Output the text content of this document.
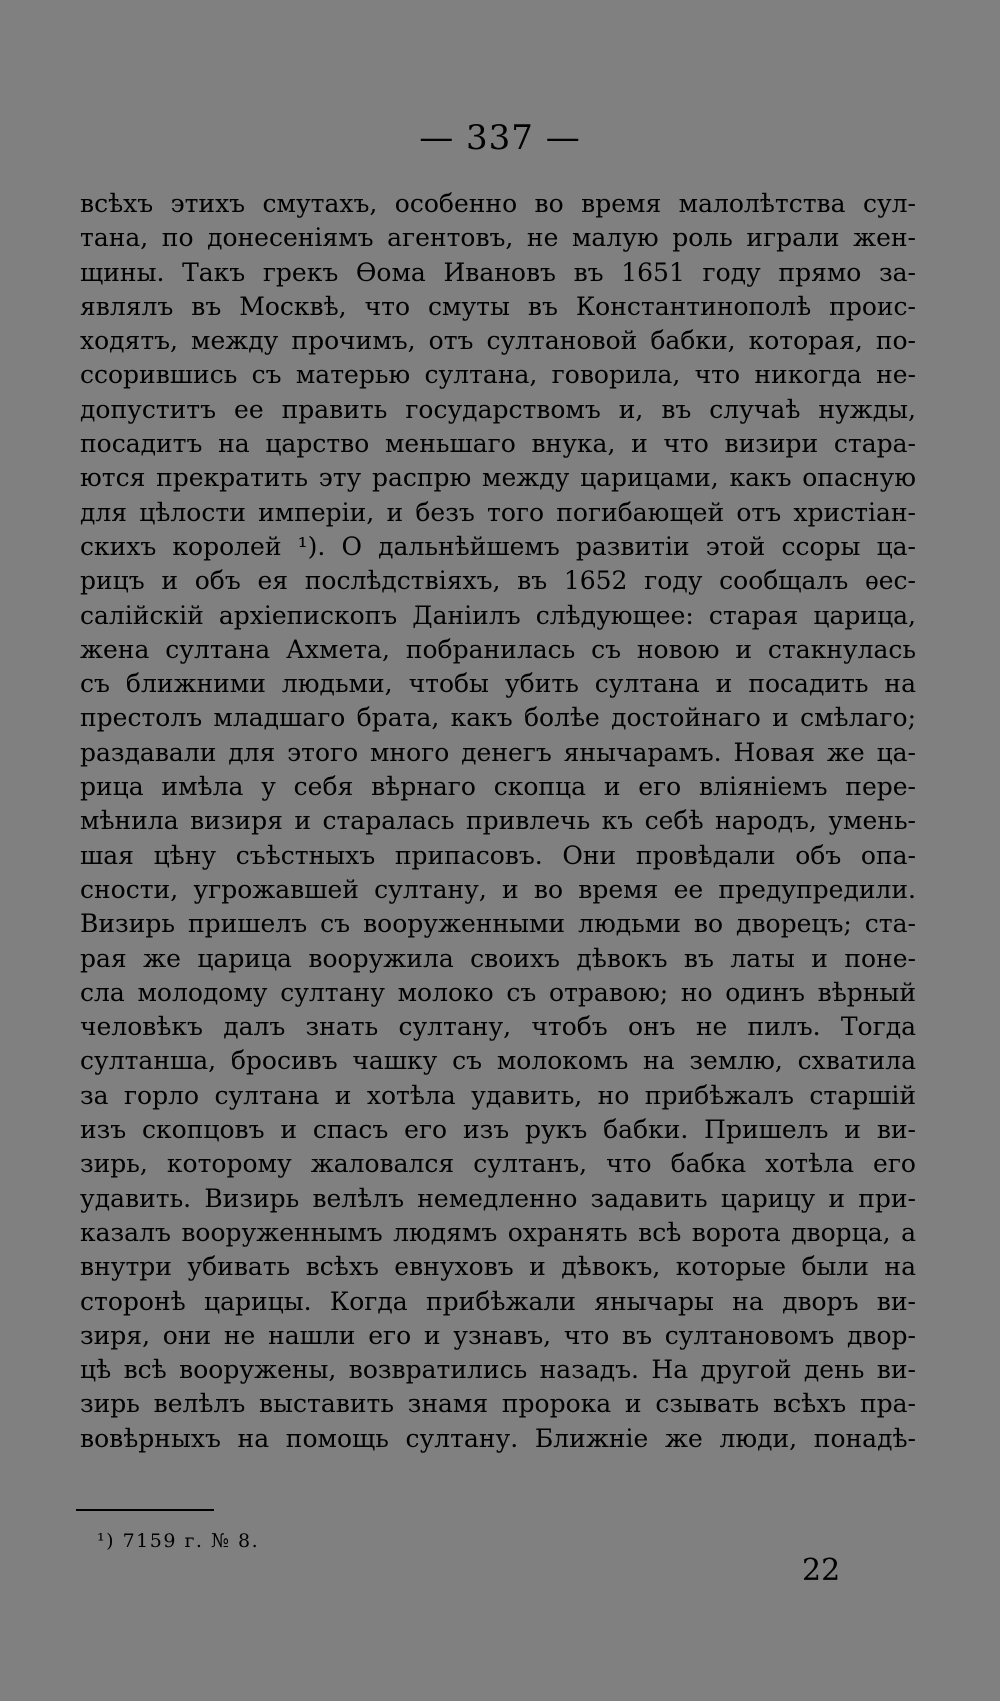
— 337 —
всѣхъ этихъ смутахъ, особенно во время малолѣтства сул-
тана, по донесеніямъ агентовъ, не малую роль играли жен-
щины. Такъ грекъ Ѳома Ивановъ въ 1651 году прямо за-
являлъ въ Москвѣ, что смуты въ Константинополѣ проис-
ходятъ, между прочимъ, отъ султановой бабки, которая, по-
ссорившись съ матерью султана, говорила, что никогда не-
допуститъ ее править государствомъ и, въ случаѣ нужды,
посадитъ на царство меньшаго внука, и что визири стара-
ются прекратить эту распрю между царицами, какъ опасную
для цѣлости имперіи, и безъ того погибающей отъ христіан-
скихъ королей ¹). О дальнѣйшемъ развитіи этой ссоры ца-
рицъ и объ ея послѣдствіяхъ, въ 1652 году сообщалъ ѳес-
салійскій архіепископъ Даніилъ слѣдующее: старая царица,
жена султана Ахмета, побранилась съ новою и стакнулась
съ ближними людьми, чтобы убить султана и посадить на
престолъ младшаго брата, какъ болѣе достойнаго и смѣлаго;
раздавали для этого много денегъ янычарамъ. Новая же ца-
рица имѣла у себя вѣрнаго скопца и его вліяніемъ пере-
мѣнила визиря и старалась привлечь къ себѣ народъ, умень-
шая цѣну съѣстныхъ припасовъ. Они провѣдали объ опа-
сности, угрожавшей султану, и во время ее предупредили.
Визирь пришелъ съ вооруженными людьми во дворецъ; ста-
рая же царица вооружила своихъ дѣвокъ въ латы и поне-
сла молодому султану молоко съ отравою; но одинъ вѣрный
человѣкъ далъ знать султану, чтобъ онъ не пилъ. Тогда
султанша, бросивъ чашку съ молокомъ на землю, схватила
за горло султана и хотѣла удавить, но прибѣжалъ старшій
изъ скопцовъ и спасъ его изъ рукъ бабки. Пришелъ и ви-
зирь, которому жаловался султанъ, что бабка хотѣла его
удавить. Визирь велѣлъ немедленно задавить царицу и при-
казалъ вооруженнымъ людямъ охранять всѣ ворота дворца, а
внутри убивать всѣхъ евнуховъ и дѣвокъ, которые были на
сторонѣ царицы. Когда прибѣжали янычары на дворъ ви-
зиря, они не нашли его и узнавъ, что въ султановомъ двор-
цѣ всѣ вооружены, возвратились назадъ. На другой день ви-
зирь велѣлъ выставить знамя пророка и сзывать всѣхъ пра-
вовѣрныхъ на помощь султану. Ближніе же люди, понадѣ-
¹) 7159 г. № 8.
22
